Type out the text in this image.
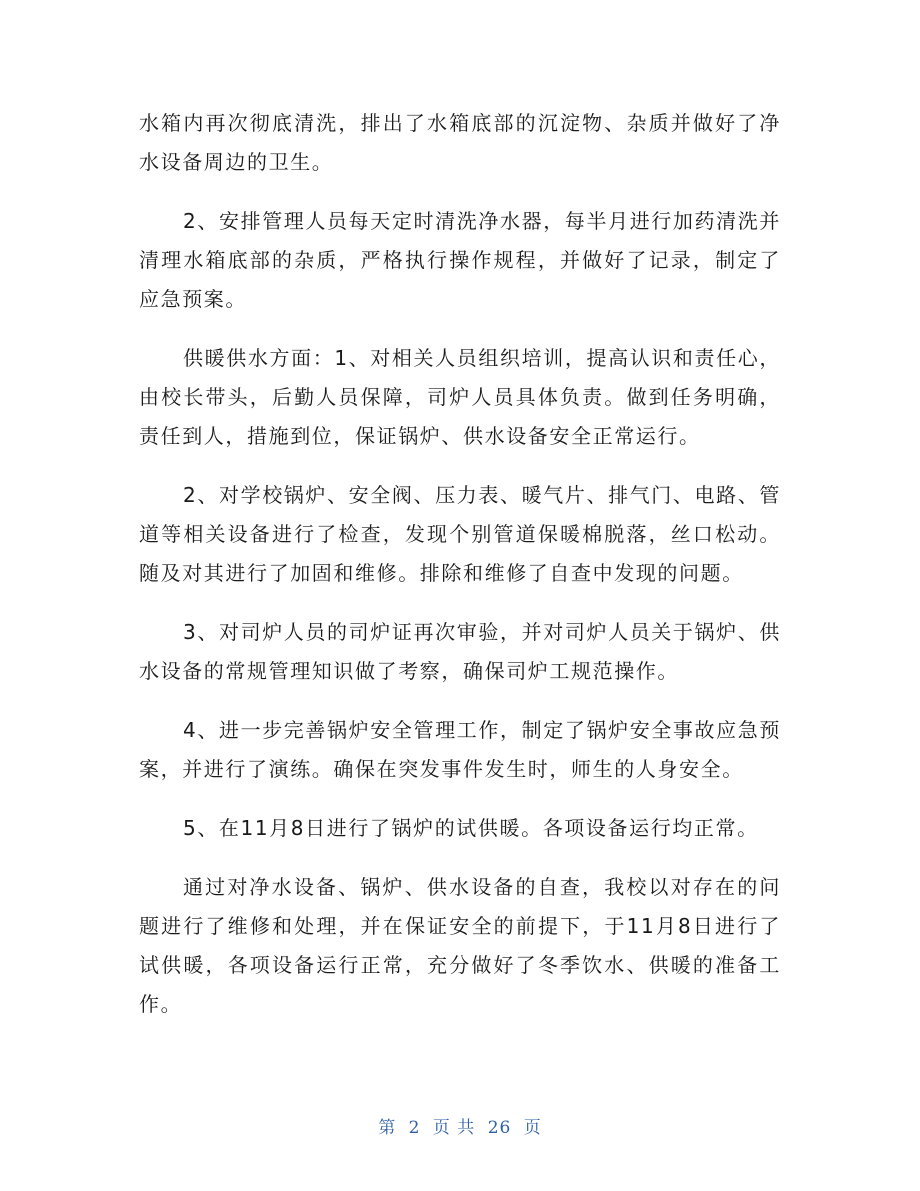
水箱内再次彻底清洗，排出了水箱底部的沉淀物、杂质并做好了净水设备周边的卫生。

2、安排管理人员每天定时清洗净水器，每半月进行加药清洗并清理水箱底部的杂质，严格执行操作规程，并做好了记录，制定了应急预案。

供暖供水方面：1、对相关人员组织培训，提高认识和责任心，由校长带头，后勤人员保障，司炉人员具体负责。做到任务明确，责任到人，措施到位，保证锅炉、供水设备安全正常运行。

2、对学校锅炉、安全阀、压力表、暖气片、排气门、电路、管道等相关设备进行了检查，发现个别管道保暖棉脱落，丝口松动。随及对其进行了加固和维修。排除和维修了自查中发现的问题。

3、对司炉人员的司炉证再次审验，并对司炉人员关于锅炉、供水设备的常规管理知识做了考察，确保司炉工规范操作。

4、进一步完善锅炉安全管理工作，制定了锅炉安全事故应急预案，并进行了演练。确保在突发事件发生时，师生的人身安全。

5、在11月8日进行了锅炉的试供暖。各项设备运行均正常。

通过对净水设备、锅炉、供水设备的自查，我校以对存在的问题进行了维修和处理，并在保证安全的前提下，于11月8日进行了试供暖，各项设备运行正常，充分做好了冬季饮水、供暖的准备工作。

第 2 页 共 26 页
